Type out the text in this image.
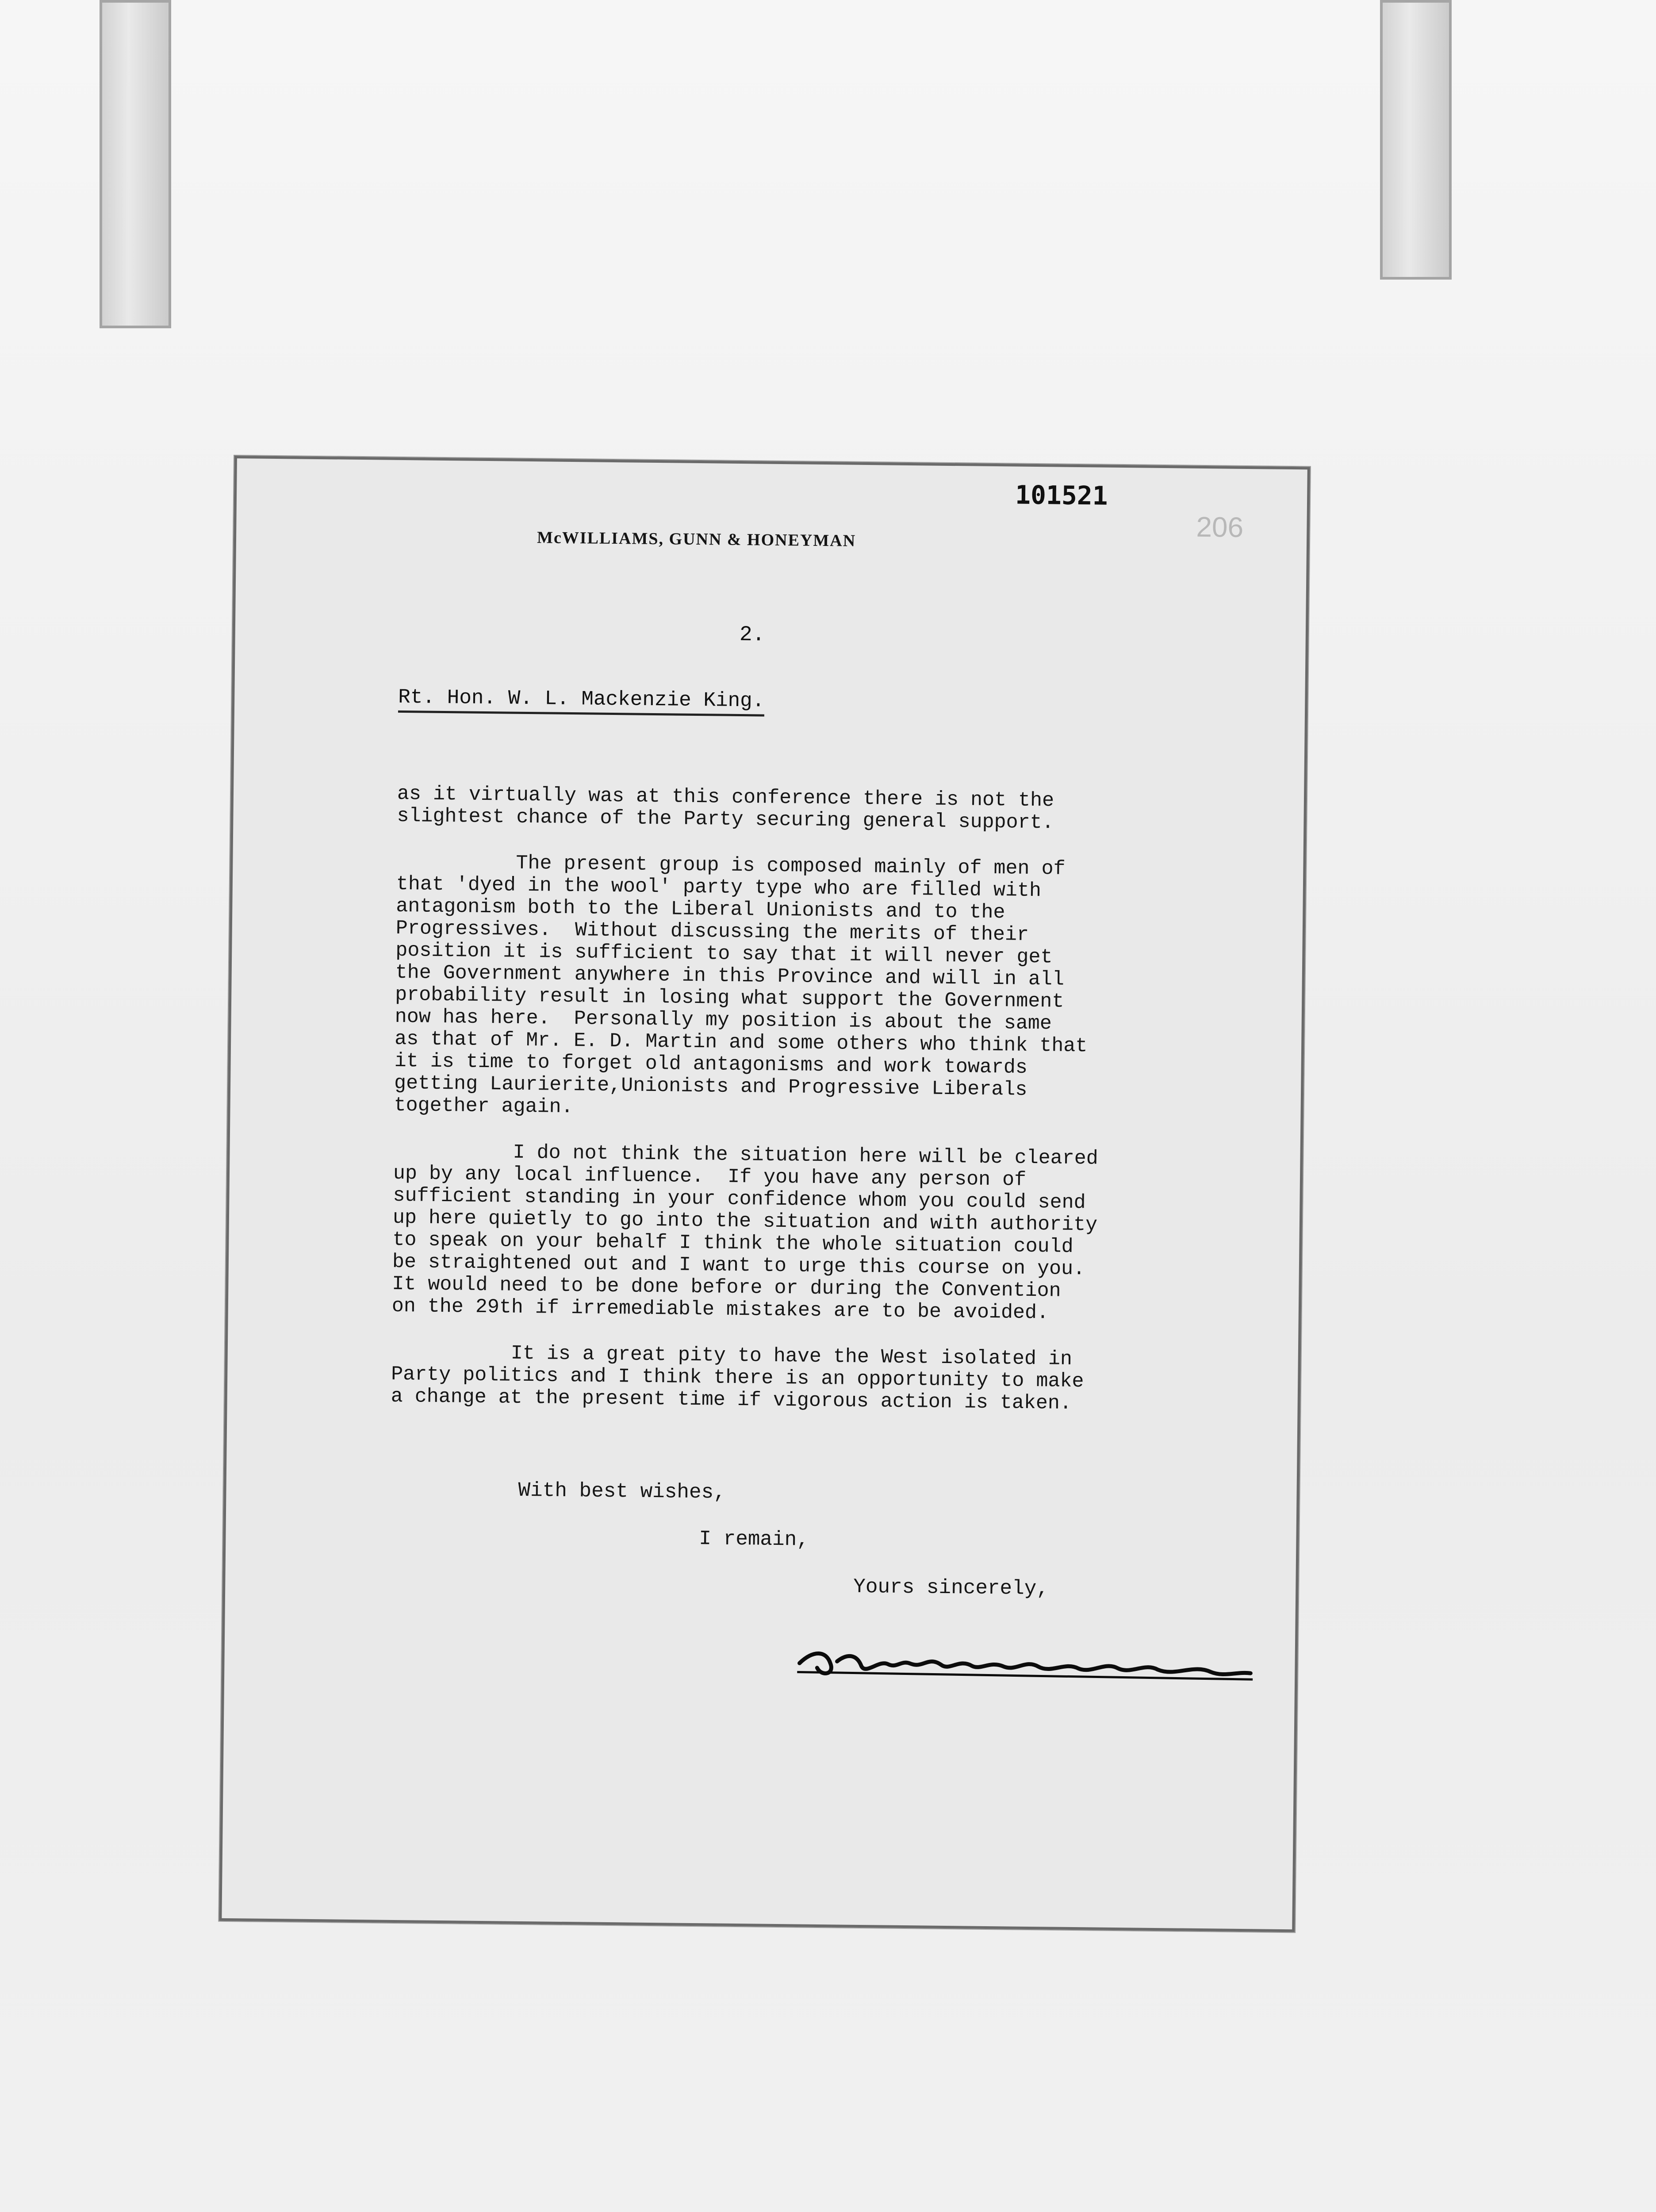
101521
206
McWILLIAMS, GUNN & HONEYMAN
2.
Rt. Hon. W. L. Mackenzie King.

as it virtually was at this conference there is not the
slightest chance of the Party securing general support.

The present group is composed mainly of men of
that 'dyed in the wool' party type who are filled with
antagonism both to the Liberal Unionists and to the
Progressives.  Without discussing the merits of their
position it is sufficient to say that it will never get
the Government anywhere in this Province and will in all
probability result in losing what support the Government
now has here.  Personally my position is about the same
as that of Mr. E. D. Martin and some others who think that
it is time to forget old antagonisms and work towards
getting Laurierite,Unionists and Progressive Liberals
together again.

I do not think the situation here will be cleared
up by any local influence.  If you have any person of
sufficient standing in your confidence whom you could send
up here quietly to go into the situation and with authority
to speak on your behalf I think the whole situation could
be straightened out and I want to urge this course on you.
It would need to be done before or during the Convention
on the 29th if irremediable mistakes are to be avoided.

It is a great pity to have the West isolated in
Party politics and I think there is an opportunity to make
a change at the present time if vigorous action is taken.

With best wishes,
I remain,
Yours sincerely,
